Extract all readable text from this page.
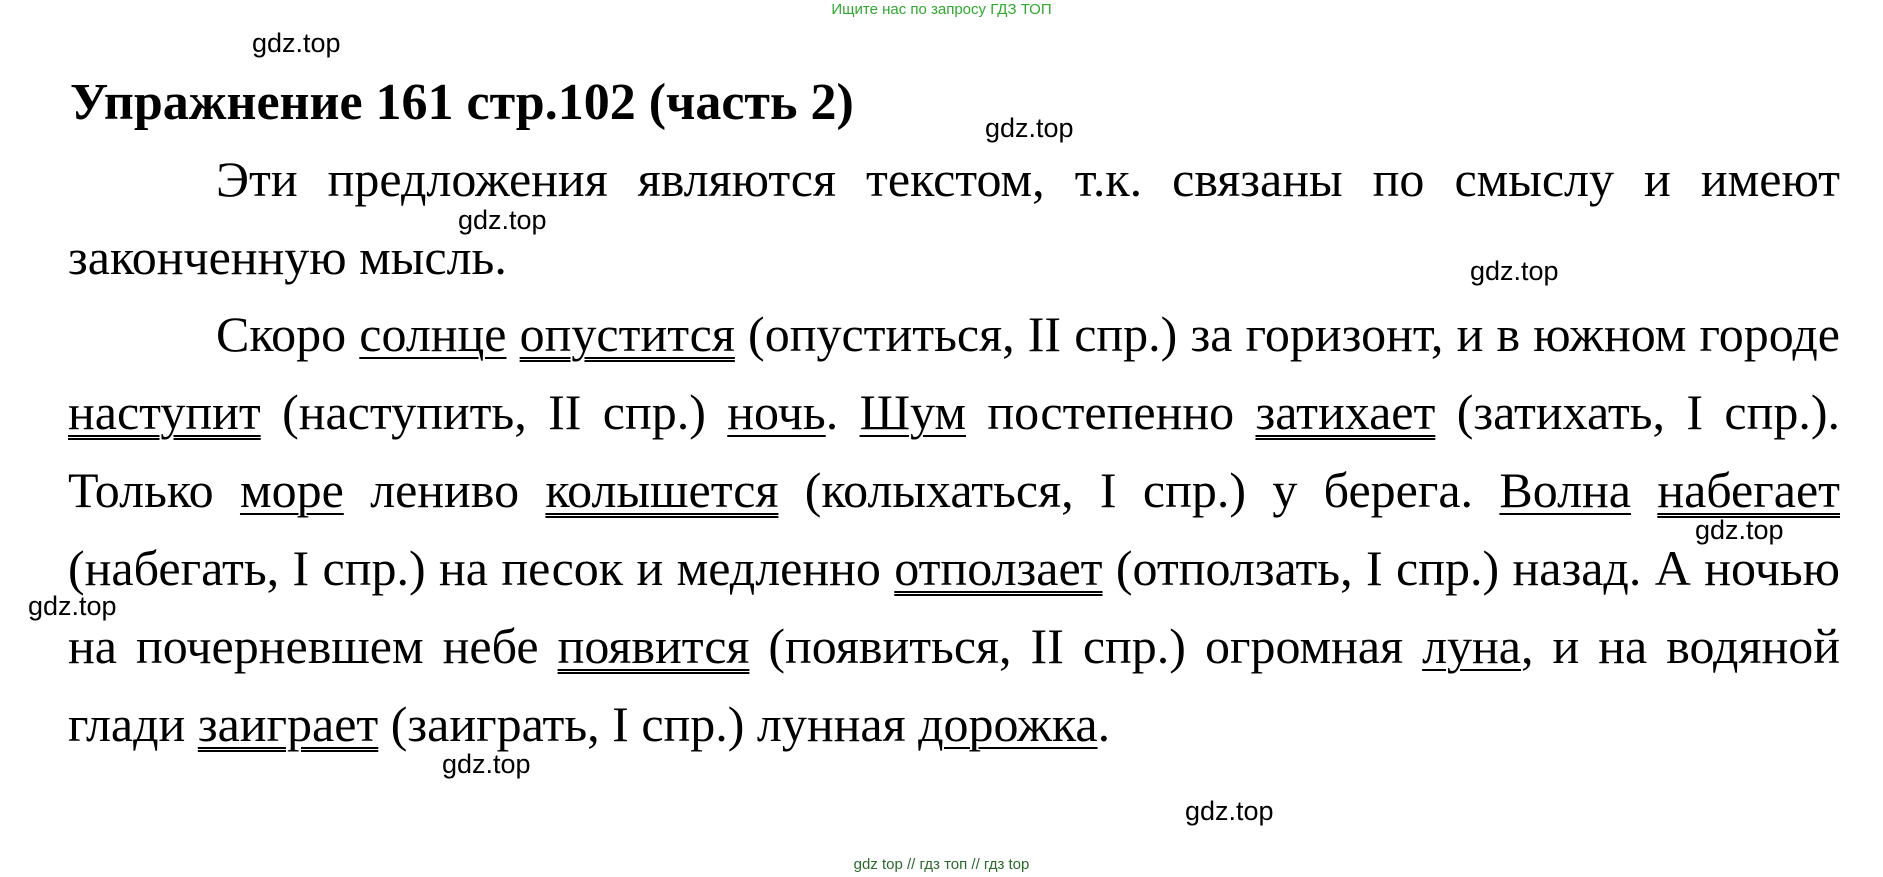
Ищите нас по запросу ГДЗ ТОП
gdz.top
gdz.top
gdz.top
gdz.top
gdz.top
gdz.top
gdz.top
gdz.top
Упражнение 161 стр.102 (часть 2)

Эти предложения являются текстом, т.к. связаны по смыслу и имеют законченную мысль.

Скоро солнце опустится (опуститься, II спр.) за горизонт, и в южном городе наступит (наступить, II спр.) ночь. Шум постепенно затихает (затихать, I спр.). Только море лениво колышется (колыхаться, I спр.) у берега. Волна набегает (набегать, I спр.) на песок и медленно отползает (отползать, I спр.) назад. А ночью на почерневшем небе появится (появиться, II спр.) огромная луна, и на водяной глади заиграет (заиграть, I спр.) лунная дорожка.

gdz top // гдз топ // гдз top
